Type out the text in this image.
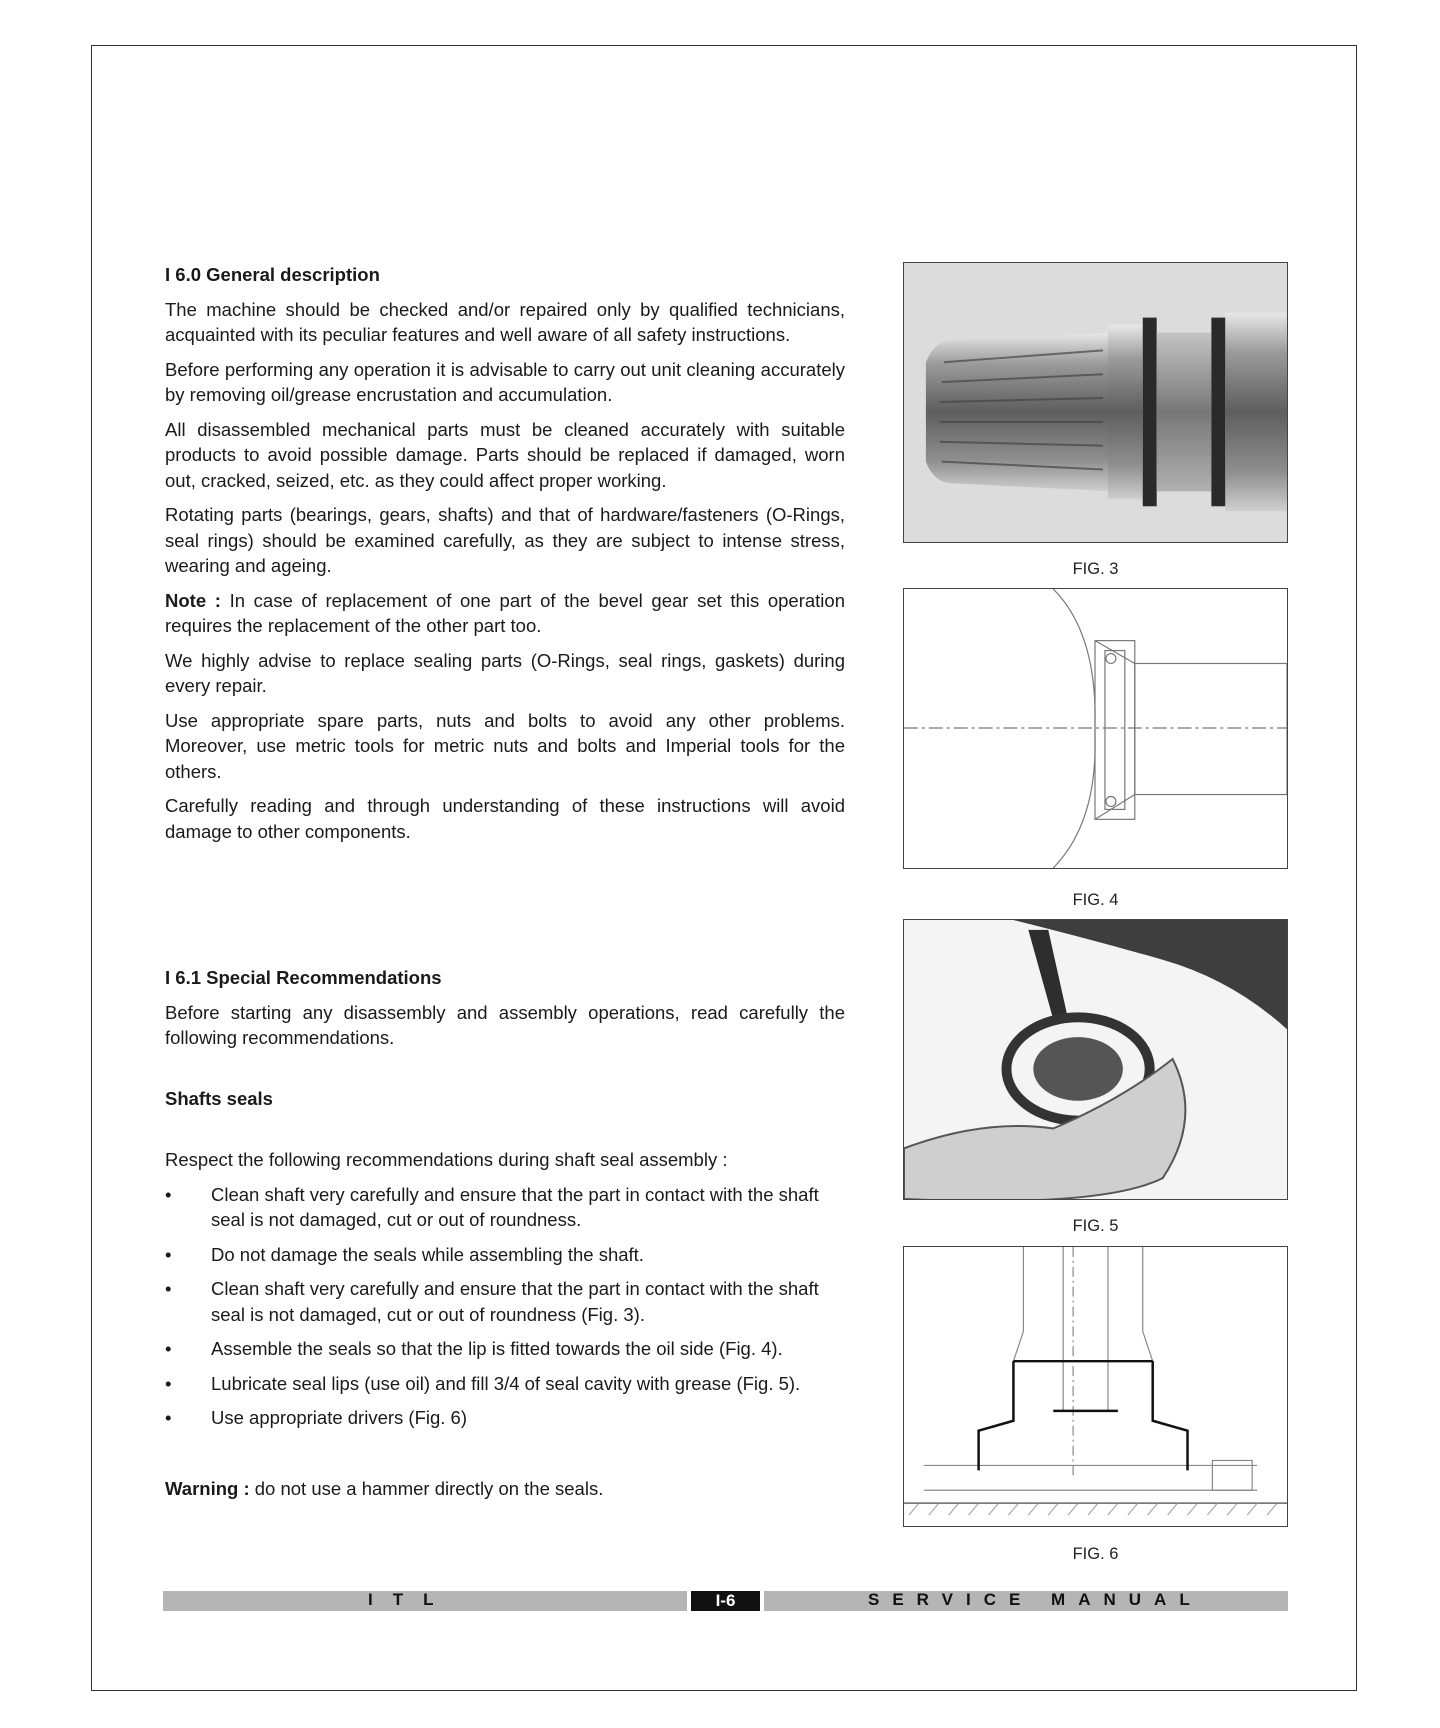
I 6.0 General description

The machine should be checked and/or repaired only by qualified technicians, acquainted with its peculiar features and well aware of all safety instructions.

Before performing any operation it is advisable to carry out unit cleaning accurately by removing oil/grease encrustation and accumulation.

All disassembled mechanical parts must be cleaned accurately with suitable products to avoid possible damage. Parts should be replaced if damaged, worn out, cracked, seized, etc. as they could affect proper working.

Rotating parts (bearings, gears, shafts) and that of hardware/fasteners (O-Rings, seal rings) should be examined carefully, as they are subject to intense stress, wearing and ageing.

Note : In case of replacement of one part of the bevel gear set this operation requires the replacement of the other part too.

We highly advise to replace sealing parts (O-Rings, seal rings, gaskets) during every repair.

Use appropriate spare parts, nuts and bolts to avoid any other problems. Moreover, use metric tools for metric nuts and bolts and Imperial tools for the others.

Carefully reading and through understanding of these instructions will avoid damage to other components.

I 6.1 Special Recommendations

Before starting any disassembly and assembly operations, read carefully the following recommendations.

Shafts seals

Respect the following recommendations during shaft seal assembly :

• Clean shaft very carefully and ensure that the part in contact with the shaft seal is not damaged, cut or out of roundness.
• Do not damage the seals while assembling the shaft.
• Clean shaft very carefully and ensure that the part in contact with the shaft seal is not damaged, cut or out of roundness (Fig. 3).
• Assemble the seals so that the lip is fitted towards the oil side (Fig. 4).
• Lubricate seal lips (use oil) and fill 3/4 of seal cavity with grease (Fig. 5).
• Use appropriate drivers (Fig. 6)

Warning : do not use a hammer directly on the seals.

FIG. 3
FIG. 4
FIG. 5
FIG. 6
ITL	I-6	SERVICE MANUAL
